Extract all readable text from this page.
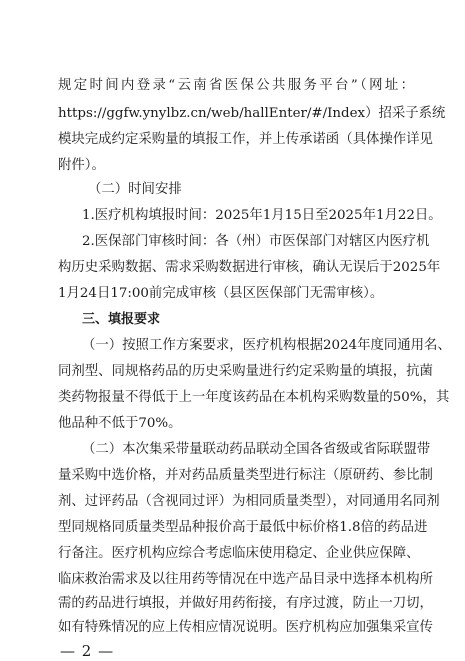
规定时间内登录“云南省医保公共服务平台”（网址：
https://ggfw.ynylbz.cn/web/hallEnter/#/Index）招采子系统
模块完成约定采购量的填报工作，并上传承诺函（具体操作详见
附件）。
（二）时间安排
1.医疗机构填报时间：2025年1月15日至2025年1月22日。
2.医保部门审核时间：各（州）市医保部门对辖区内医疗机
构历史采购数据、需求采购数据进行审核，确认无误后于2025年
1月24日17:00前完成审核（县区医保部门无需审核）。
三、填报要求
（一）按照工作方案要求，医疗机构根据2024年度同通用名、
同剂型、同规格药品的历史采购量进行约定采购量的填报，抗菌
类药物报量不得低于上一年度该药品在本机构采购数量的50%，其
他品种不低于70%。
（二）本次集采带量联动药品联动全国各省级或省际联盟带
量采购中选价格，并对药品质量类型进行标注（原研药、参比制
剂、过评药品（含视同过评）为相同质量类型），对同通用名同剂
型同规格同质量类型品种报价高于最低中标价格1.8倍的药品进
行备注。医疗机构应综合考虑临床使用稳定、企业供应保障、
临床救治需求及以往用药等情况在中选产品目录中选择本机构所
需的药品进行填报，并做好用药衔接，有序过渡，防止一刀切，
如有特殊情况的应上传相应情况说明。医疗机构应加强集采宣传
— 2 —
